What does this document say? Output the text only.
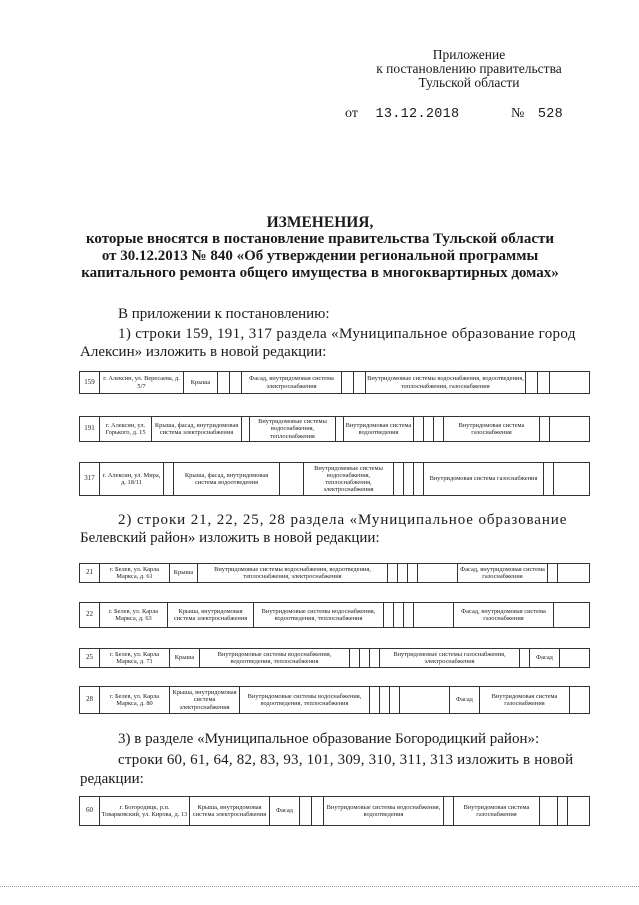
Приложение
к постановлению правительства
Тульской области
от 13.12.2018	№ 528
ИЗМЕНЕНИЯ,
которые вносятся в постановление правительства Тульской области
от 30.12.2013 № 840 «Об утверждении региональной программы
капитального ремонта общего имущества в многоквартирных домах»
В приложении к постановлению:
1) строки 159, 191, 317 раздела «Муниципальное образование город
Алексин» изложить в новой редакции:
159	г. Алексин, ул. Вересаева, д. 5/7	Крыша			Фасад, внутридомовая система электроснабжения			Внутридомовые системы водоснабжения, водоотведения, теплоснабжения, газоснабжения			
191	г. Алексин, ул. Горького, д. 15	Крыша, фасад, внутридомовая система электроснабжения		Внутридомовые системы водоснабжения, теплоснабжения		Внутридомовая система водоотведения				Внутридомовая система газоснабжения		
317	г. Алексин, ул. Мира, д. 18/11		Крыша, фасад, внутридомовая система водоотведения		Внутридомовые системы водоснабжения, теплоснабжения, электроснабжения				Внутридомовая система газоснабжения		
2) строки 21, 22, 25, 28 раздела «Муниципальное образование
Белевский район» изложить в новой редакции:
21	г. Белев, ул. Карла Маркса, д. 61	Крыша	Внутридомовые системы водоснабжения, водоотведения, теплоснабжения, электроснабжения					Фасад, внутридомовая система газоснабжения		
22	г. Белев, ул. Карла Маркса, д. 63	Крыша, внутридомовая система электроснабжения	Внутридомовые системы водоснабжения, водоотведения, теплоснабжения					Фасад, внутридомовая система газоснабжения	
25	г. Белев, ул. Карла Маркса, д. 71	Крыша	Внутридомовые системы водоснабжения, водоотведения, теплоснабжения				Внутридомовые системы газоснабжения, электроснабжения		Фасад	
28	г. Белев, ул. Карла Маркса, д. 80	Крыша, внутридомовая система электроснабжения	Внутридомовые системы водоснабжения, водоотведения, теплоснабжения					Фасад	Внутридомовая система газоснабжения	
3) в разделе «Муниципальное образование Богородицкий район»:
строки 60, 61, 64, 82, 83, 93, 101, 309, 310, 311, 313 изложить в новой
редакции:
60	г. Богородицк, р.п. Товарковский, ул. Кирова, д. 13	Крыша, внутридомовая система электроснабжения	Фасад			Внутридомовые системы водоснабжения, водоотведения		Внутридомовая система газоснабжения			
